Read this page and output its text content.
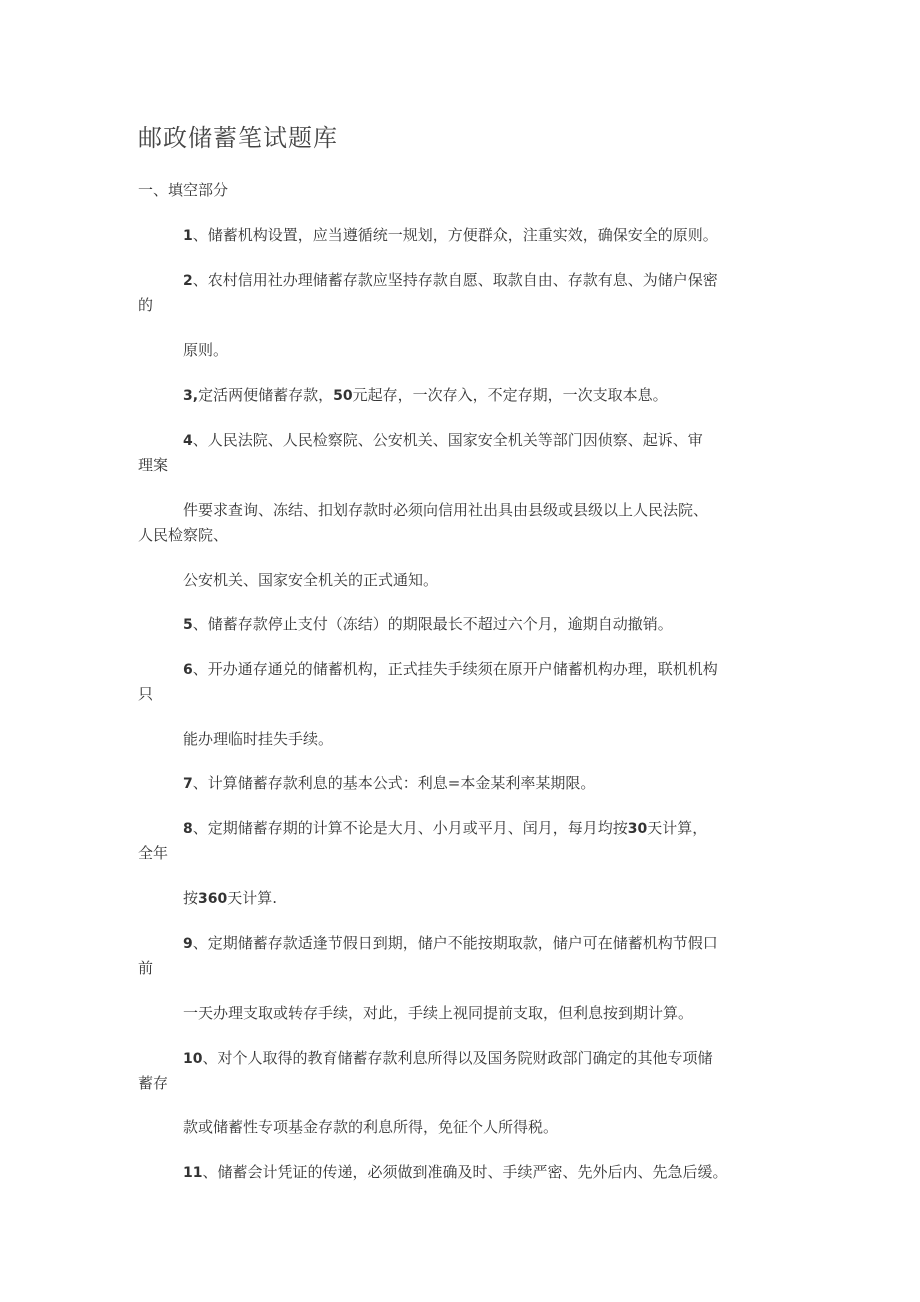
邮政储蓄笔试题库
一、填空部分
1、储蓄机构设置，应当遵循统一规划，方便群众，注重实效，确保安全的原则。
2、农村信用社办理储蓄存款应坚持存款自愿、取款自由、存款有息、为储户保密
的
原则。
3,定活两便储蓄存款，50元起存，一次存入，不定存期，一次支取本息。
4、人民法院、人民检察院、公安机关、国家安全机关等部门因侦察、起诉、审
理案
件要求查询、冻结、扣划存款时必须向信用社出具由县级或县级以上人民法院、
人民检察院、
公安机关、国家安全机关的正式通知。
5、储蓄存款停止支付（冻结）的期限最长不超过六个月，逾期自动撤销。
6、开办通存通兑的储蓄机构，正式挂失手续须在原开户储蓄机构办理，联机机构
只
能办理临时挂失手续。
7、计算储蓄存款利息的基本公式：利息=本金某利率某期限。
8、定期储蓄存期的计算不论是大月、小月或平月、闰月，每月均按30天计算，
全年
按360天计算.
9、定期储蓄存款适逢节假日到期，储户不能按期取款，储户可在储蓄机构节假口
前
一天办理支取或转存手续，对此，手续上视同提前支取，但利息按到期计算。
10、对个人取得的教育储蓄存款利息所得以及国务院财政部门确定的其他专项储
蓄存
款或储蓄性专项基金存款的利息所得，免征个人所得税。
11、储蓄会计凭证的传递，必须做到准确及时、手续严密、先外后内、先急后缓。
